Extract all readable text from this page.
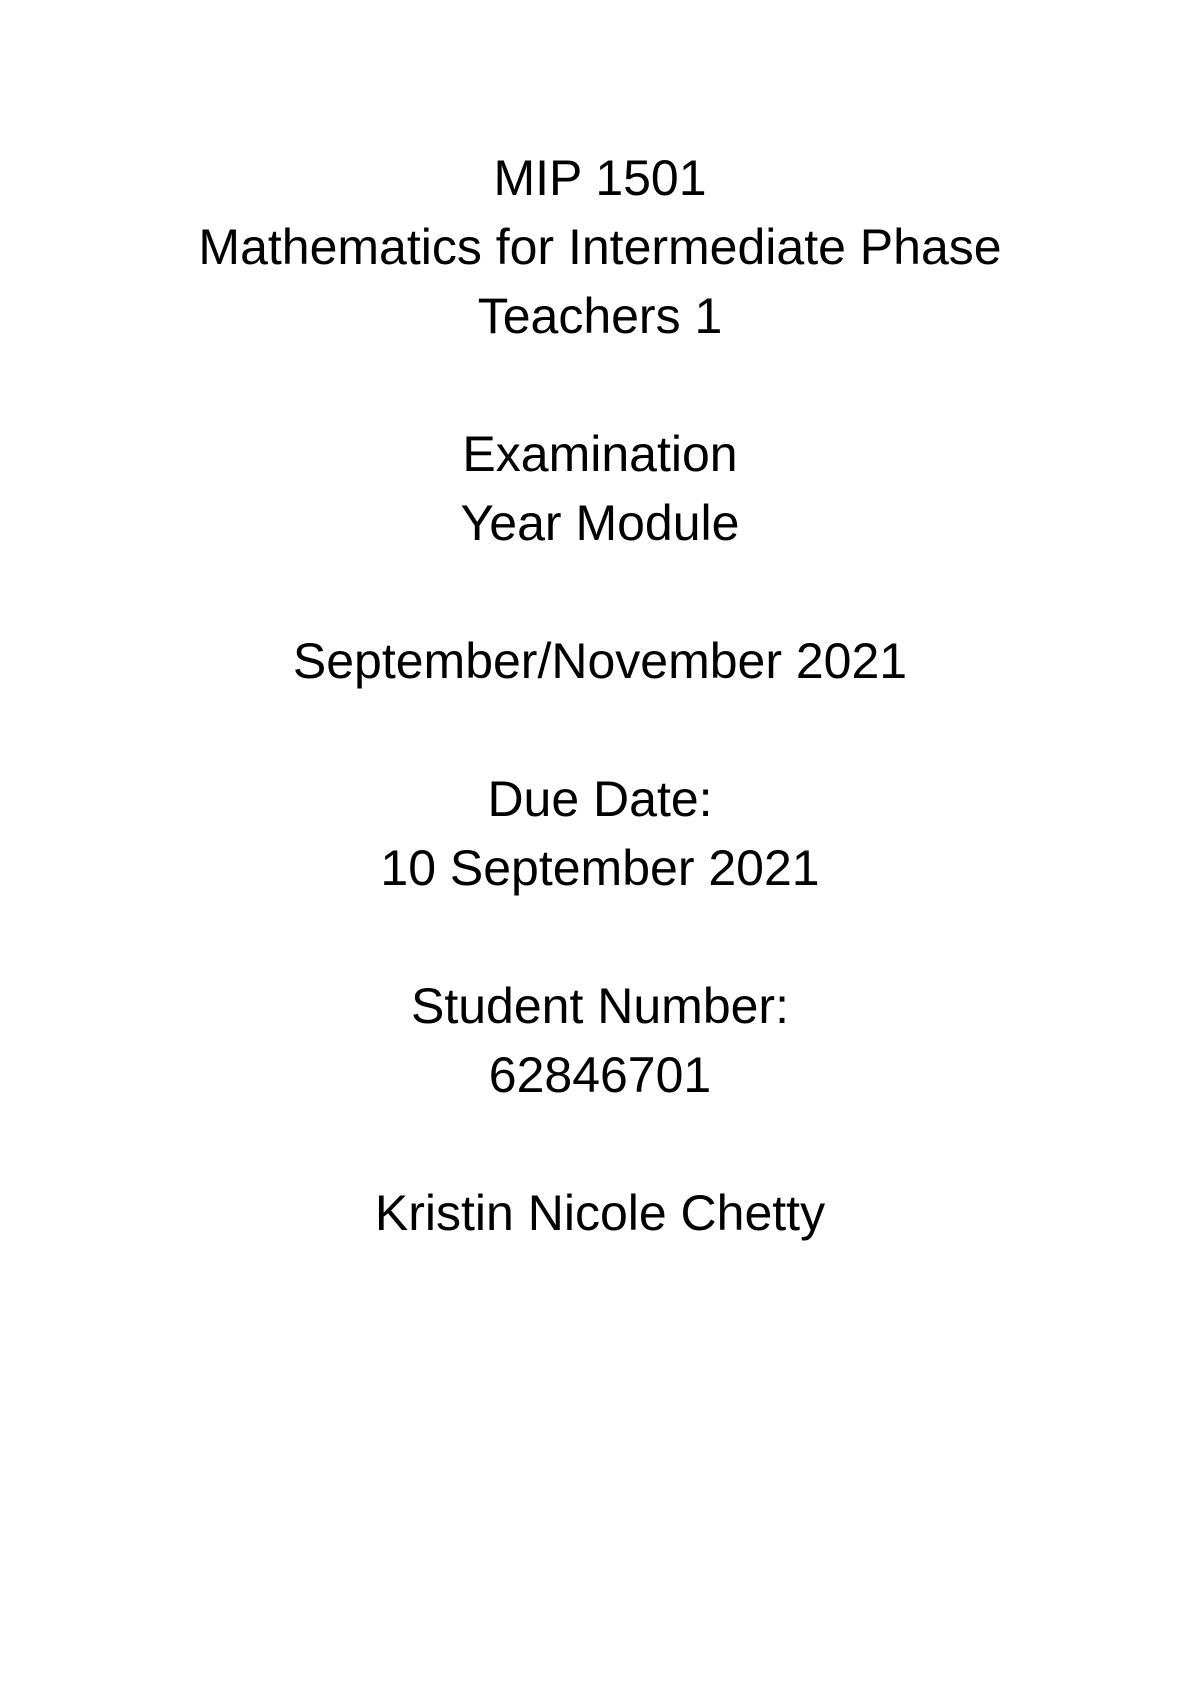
MIP 1501
Mathematics for Intermediate Phase
Teachers 1
Examination
Year Module
September/November 2021
Due Date:
10 September 2021
Student Number:
62846701
Kristin Nicole Chetty
